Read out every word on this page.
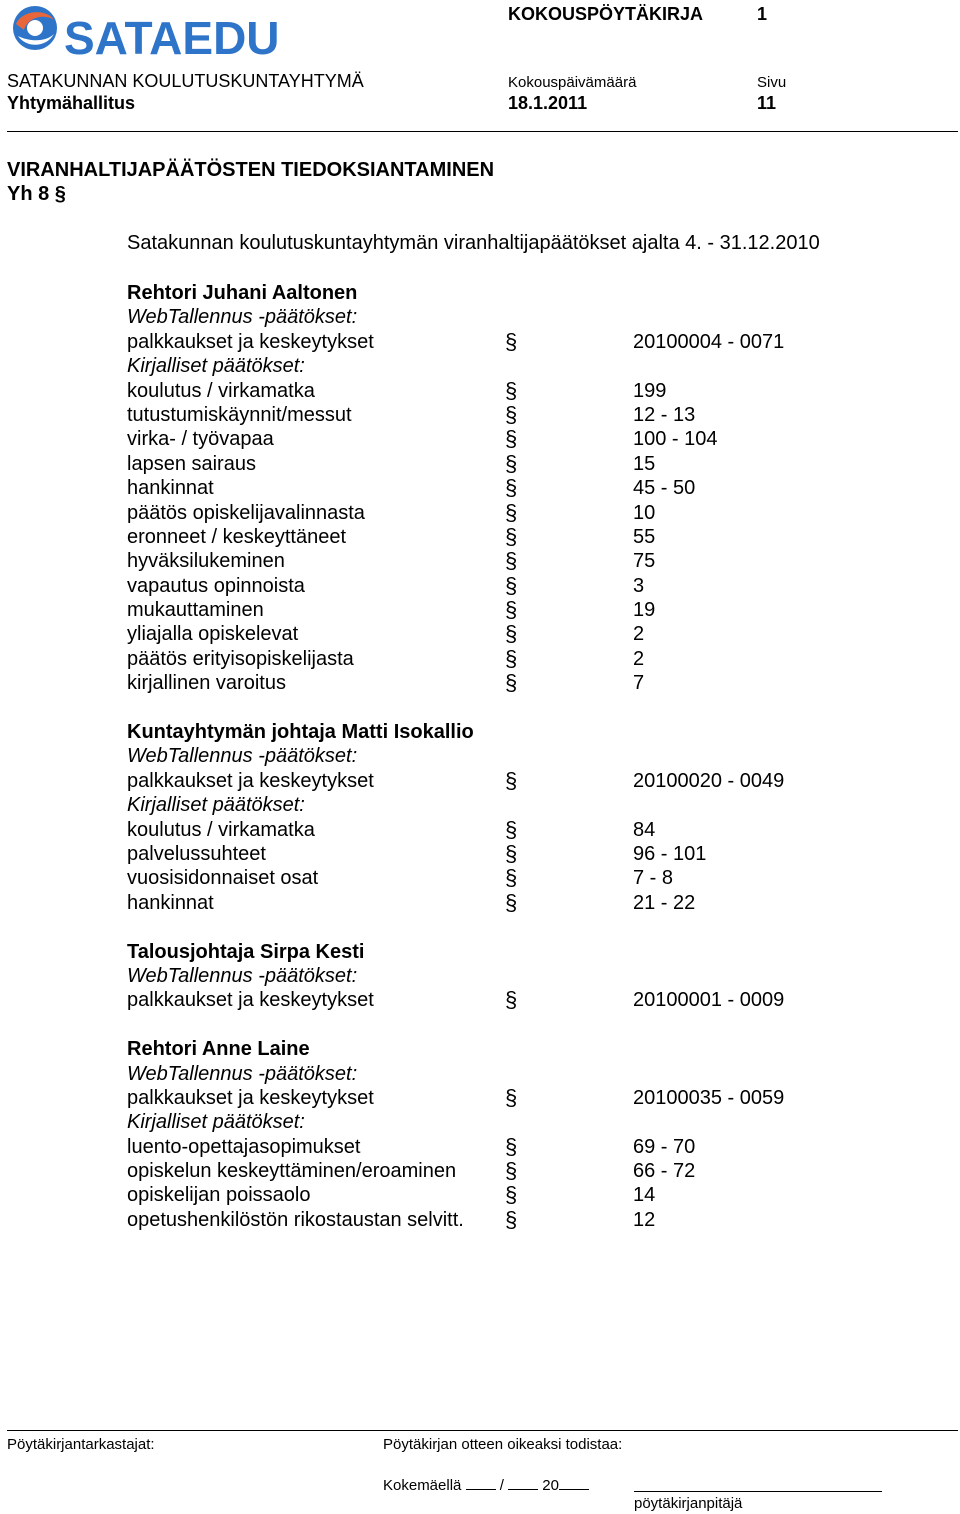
SATAEDU	KOKOUSPÖYTÄKIRJA	1
SATAKUNNAN KOULUTUSKUNTAYHTYMÄ	Kokouspäivämäärä	Sivu
Yhtymähallitus	18.1.2011	11
VIRANHALTIJAPÄÄTÖSTEN TIEDOKSIANTAMINEN
Yh 8 §
Satakunnan koulutuskuntayhtymän viranhaltijapäätökset ajalta 4. - 31.12.2010
Rehtori Juhani Aaltonen
WebTallennus -päätökset:
palkkaukset ja keskeytykset	§	20100004 - 0071
Kirjalliset päätökset:
koulutus / virkamatka	§	199
tutustumiskäynnit/messut	§	12 - 13
virka- / työvapaa	§	100 - 104
lapsen sairaus	§	15
hankinnat	§	45 - 50
päätös opiskelijavalinnasta	§	10
eronneet / keskeyttäneet	§	55
hyväksilukeminen	§	75
vapautus opinnoista	§	3
mukauttaminen	§	19
yliajalla opiskelevat	§	2
päätös erityisopiskelijasta	§	2
kirjallinen varoitus	§	7
Kuntayhtymän johtaja Matti Isokallio
WebTallennus -päätökset:
palkkaukset ja keskeytykset	§	20100020 - 0049
Kirjalliset päätökset:
koulutus / virkamatka	§	84
palvelussuhteet	§	96 - 101
vuosisidonnaiset osat	§	7 - 8
hankinnat	§	21 - 22
Talousjohtaja Sirpa Kesti
WebTallennus -päätökset:
palkkaukset ja keskeytykset	§	20100001 - 0009
Rehtori Anne Laine
WebTallennus -päätökset:
palkkaukset ja keskeytykset	§	20100035 - 0059
Kirjalliset päätökset:
luento-opettajasopimukset	§	69 - 70
opiskelun keskeyttäminen/eroaminen §	66 - 72
opiskelijan poissaolo	§	14
opetushenkilöstön rikostaustan selvitt. §	12
Pöytäkirjantarkastajat:	Pöytäkirjan otteen oikeaksi todistaa:
Kokemäellä	/	20
pöytäkirjanpitäjä
